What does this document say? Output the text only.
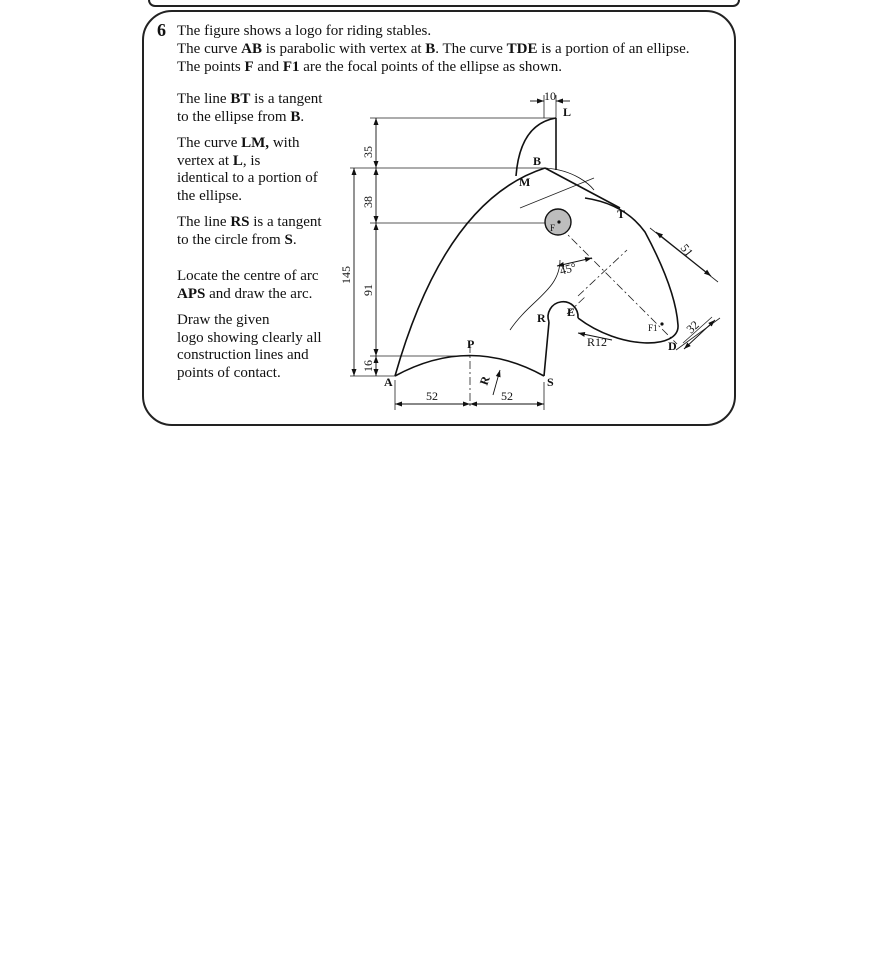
6 The figure shows a logo for riding stables.
The curve AB is parabolic with vertex at B. The curve TDE is a portion of an ellipse.
The points F and F1 are the focal points of the ellipse as shown.
The line BT is a tangent
to the ellipse from B.
The curve LM, with
vertex at L, is
identical to a portion of
the ellipse.
The line RS is a tangent
to the circle from S.
Locate the centre of arc
APS and draw the arc.
Draw the given
logo showing clearly all
construction lines and
points of contact.
A
B
L
M
T
R E
S
P	D
F
F1
10
52	52
R12
35
38
91
145
16
45°
51
32
R
